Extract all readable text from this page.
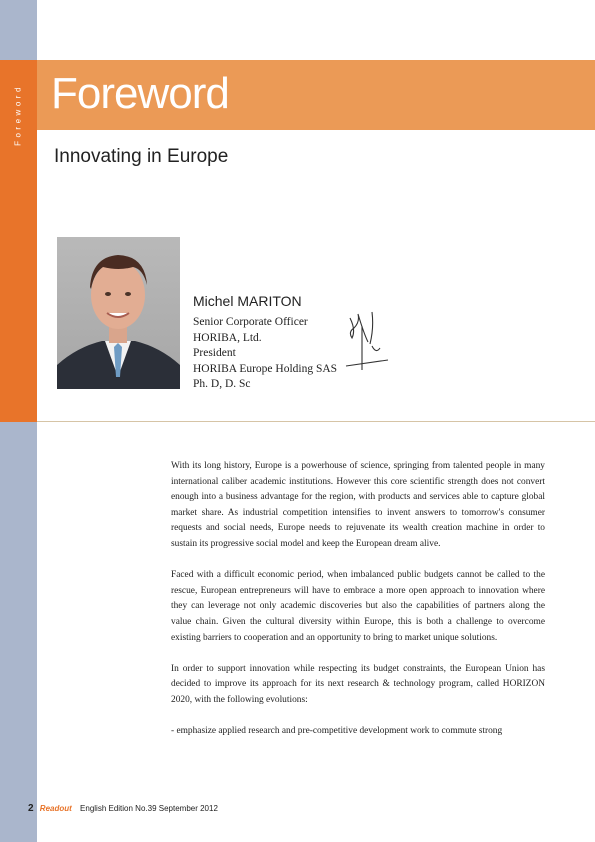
Foreword Foreword
Innovating in Europe
Michel MARITON
Senior Corporate Officer
HORIBA, Ltd.
President
HORIBA Europe Holding SAS
Ph. D, D. Sc

With its long history, Europe is a powerhouse of science, springing from talented people in many international caliber academic institutions. However this core scientific strength does not convert enough into a business advantage for the region, with products and services able to capture global market share. As industrial competition intensifies to invent answers to tomorrow's consumer requests and social needs, Europe needs to rejuvenate its wealth creation machine in order to sustain its progressive social model and keep the European dream alive.

Faced with a difficult economic period, when imbalanced public budgets cannot be called to the rescue, European entrepreneurs will have to embrace a more open approach to innovation where they can leverage not only academic discoveries but also the capabilities of partners along the value chain. Given the cultural diversity within Europe, this is both a challenge to overcome existing barriers to cooperation and an opportunity to bring to market unique solutions.

In order to support innovation while respecting its budget constraints, the European Union has decided to improve its approach for its next research & technology program, called HORIZON 2020, with the following evolutions:

- emphasize applied research and pre-competitive development work to commute strong

2 Readout English Edition No.39 September 2012
